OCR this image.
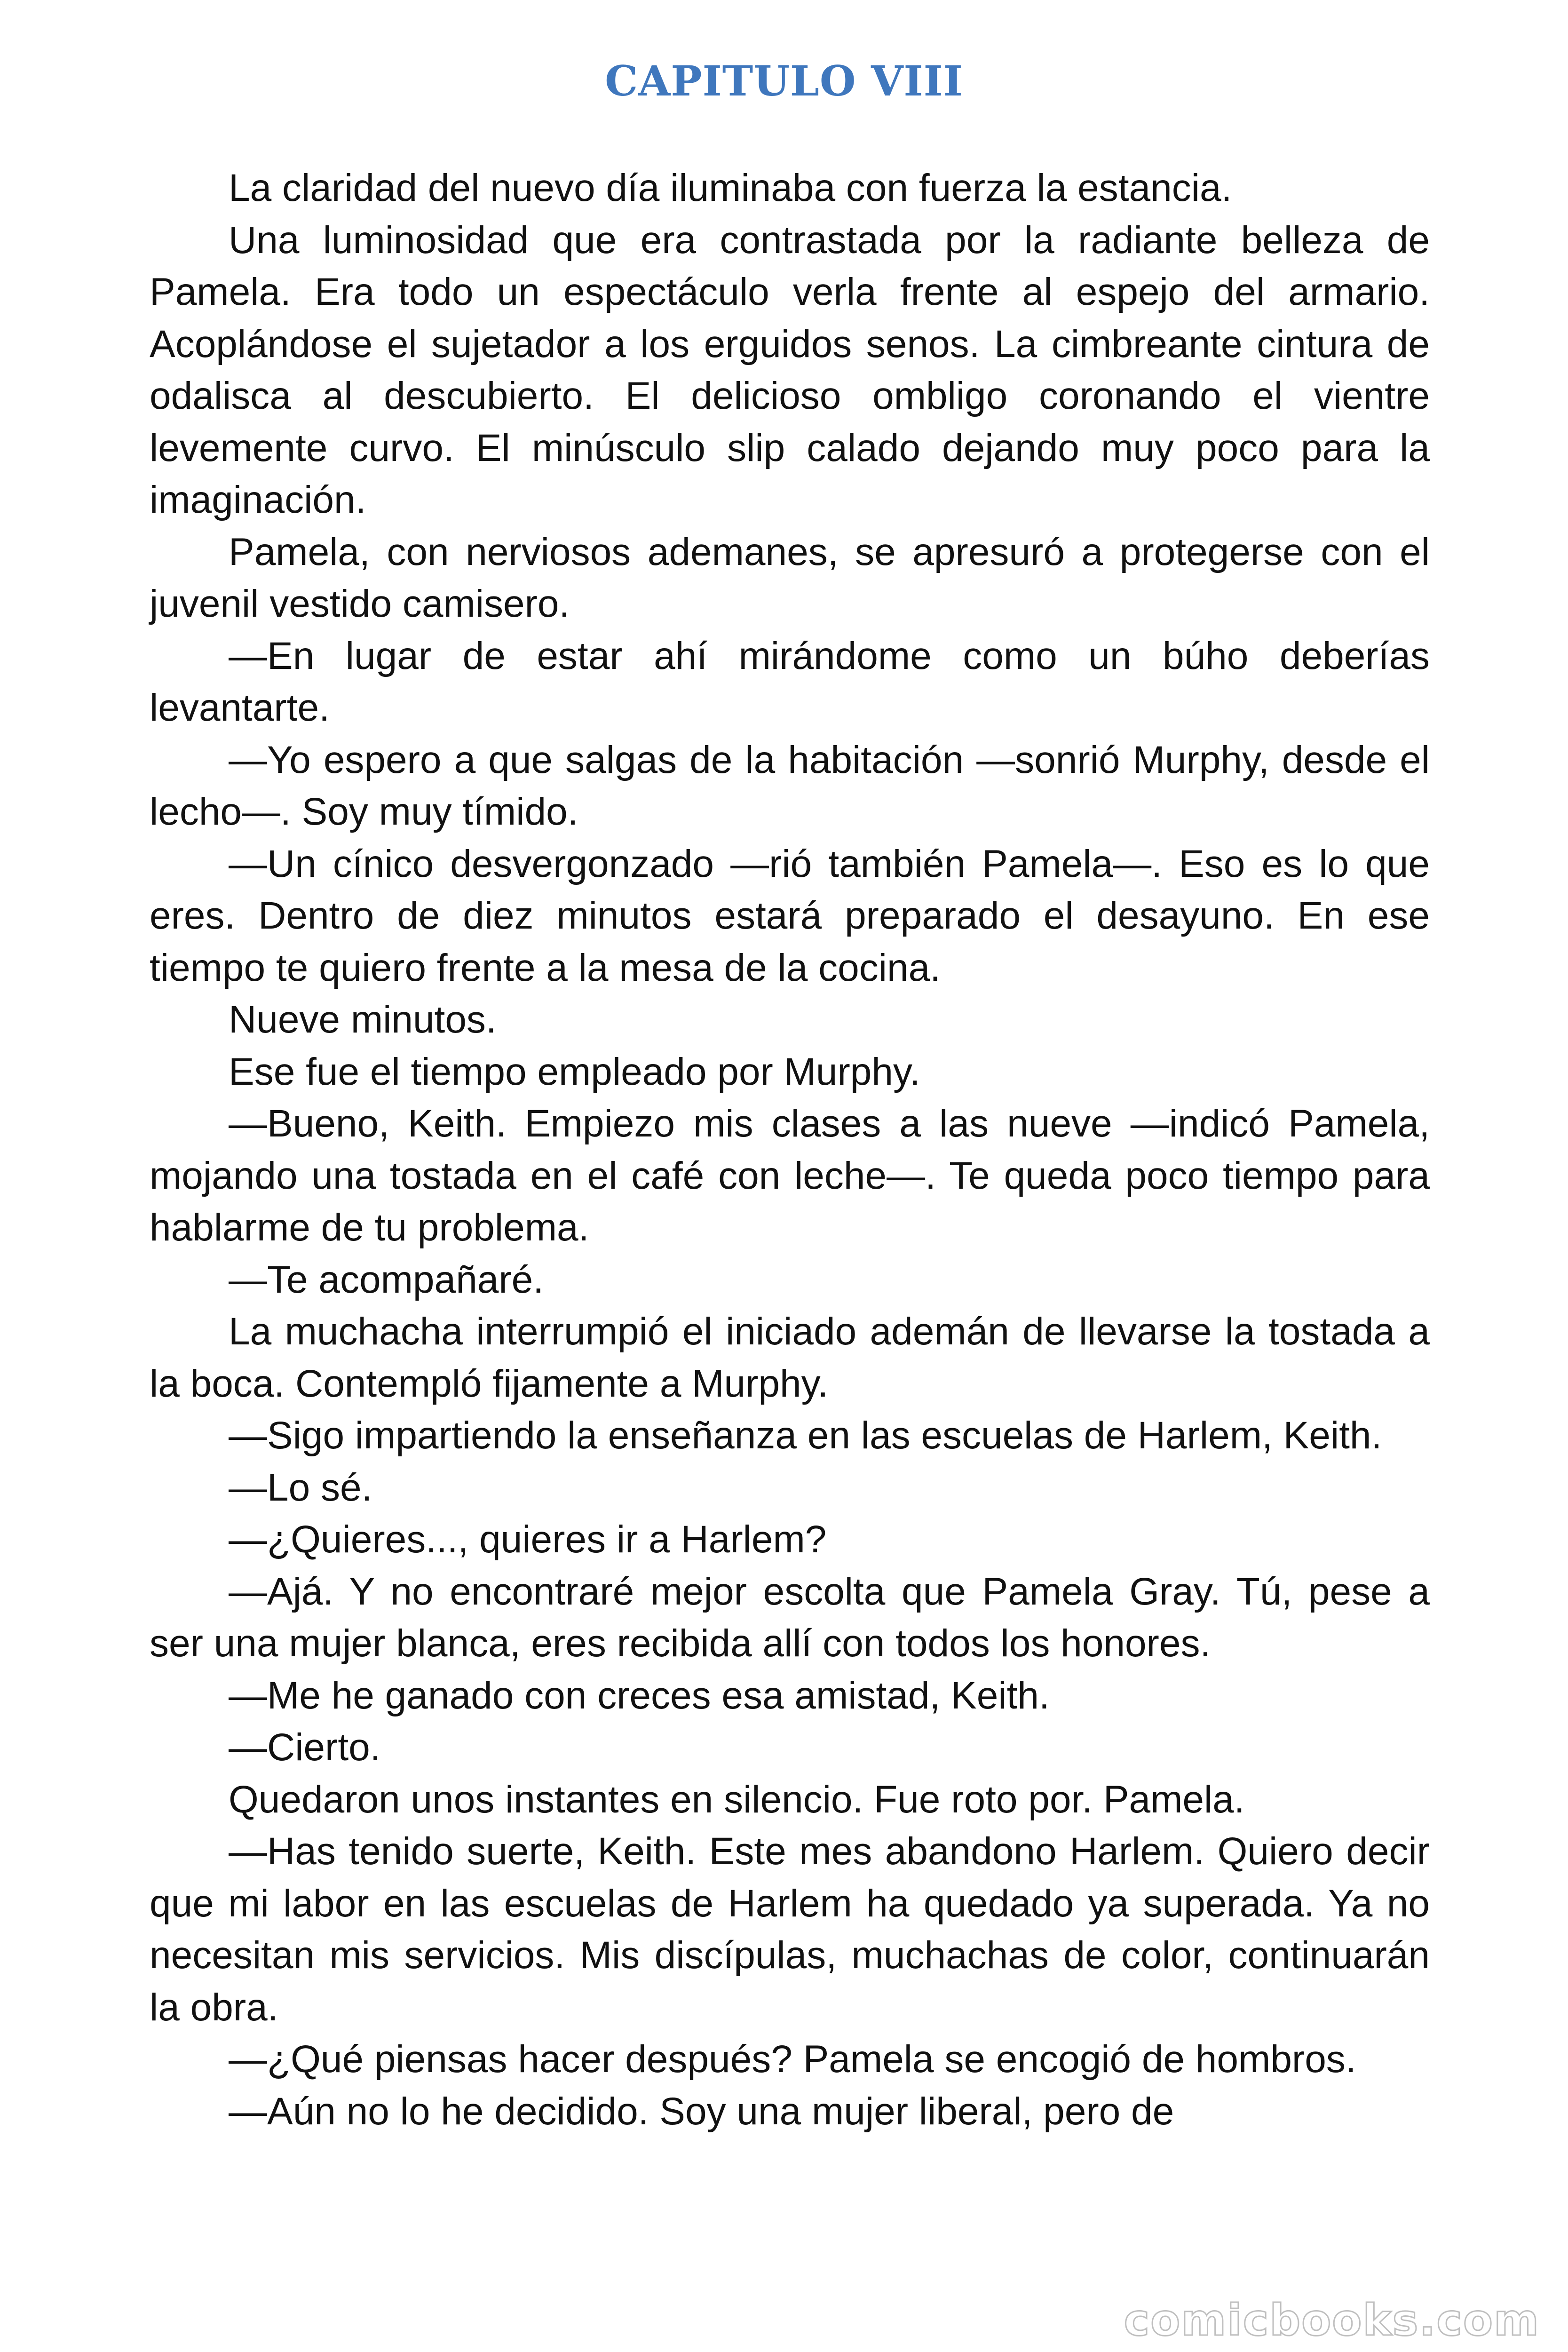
CAPITULO VIII

La claridad del nuevo día iluminaba con fuerza la estancia.

Una luminosidad que era contrastada por la radiante belleza de Pamela. Era todo un espectáculo verla frente al espejo del armario. Acoplándose el sujetador a los erguidos senos. La cimbreante cintura de odalisca al descubierto. El delicioso ombligo coronando el vientre levemente curvo. El minúsculo slip calado dejando muy poco para la imaginación.

Pamela, con nerviosos ademanes, se apresuró a protegerse con el juvenil vestido camisero.

—En lugar de estar ahí mirándome como un búho deberías levantarte.

—Yo espero a que salgas de la habitación —sonrió Murphy, desde el lecho—. Soy muy tímido.

—Un cínico desvergonzado —rió también Pamela—. Eso es lo que eres. Dentro de diez minutos estará preparado el desayuno. En ese tiempo te quiero frente a la mesa de la cocina.

Nueve minutos.

Ese fue el tiempo empleado por Murphy.

—Bueno, Keith. Empiezo mis clases a las nueve —indicó Pamela, mojando una tostada en el café con leche—. Te queda poco tiempo para hablarme de tu problema.

—Te acompañaré.

La muchacha interrumpió el iniciado ademán de llevarse la tostada a la boca. Contempló fijamente a Murphy.

—Sigo impartiendo la enseñanza en las escuelas de Harlem, Keith.

—Lo sé.

—¿Quieres..., quieres ir a Harlem?

—Ajá. Y no encontraré mejor escolta que Pamela Gray. Tú, pese a ser una mujer blanca, eres recibida allí con todos los honores.

—Me he ganado con creces esa amistad, Keith.

—Cierto.

Quedaron unos instantes en silencio. Fue roto por. Pamela.

—Has tenido suerte, Keith. Este mes abandono Harlem. Quiero decir que mi labor en las escuelas de Harlem ha quedado ya superada. Ya no necesitan mis servicios. Mis discípulas, muchachas de color, continuarán la obra.

—¿Qué piensas hacer después? Pamela se encogió de hombros.

—Aún no lo he decidido. Soy una mujer liberal, pero de

comicbooks.com
